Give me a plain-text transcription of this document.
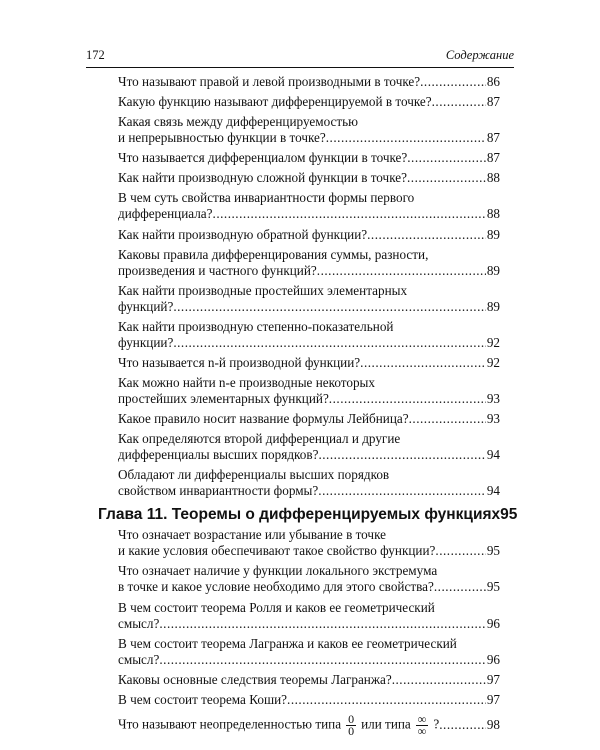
172	Содержание
Что называют правой и левой производными в точке? .....	86
Какую функцию называют дифференцируемой в точке? .....	87
Какая связь между дифференцируемостью
и непрерывностью функции в точке? .....	87
Что называется дифференциалом функции в точке? .....	87
Как найти производную сложной функции в точке? .....	88
В чем суть свойства инвариантности формы первого
дифференциала? .....	88
Как найти производную обратной функции? .....	89
Каковы правила дифференцирования суммы, разности,
произведения и частного функций? .....	89
Как найти производные простейших элементарных
функций? .....	89
Как найти производную степенно-показательной
функции? .....	92
Что называется n-й производной функции? .....	92
Как можно найти n-е производные некоторых
простейших элементарных функций? .....	93
Какое правило носит название формулы Лейбница? .....	93
Как определяются второй дифференциал и другие
дифференциалы высших порядков? .....	94
Обладают ли дифференциалы высших порядков
свойством инвариантности формы? .....	94
Глава 11. Теоремы о дифференцируемых функциях 95
Что означает возрастание или убывание в точке
и какие условия обеспечивают такое свойство функции? .....	95
Что означает наличие у функции локального экстремума
в точке и какое условие необходимо для этого свойства? .....	95
В чем состоит теорема Ролля и каков ее геометрический
смысл? .....	96
В чем состоит теорема Лагранжа и каков ее геометрический
смысл? .....	96
Каковы основные следствия теоремы Лагранжа? .....	97
В чем состоит теорема Коши? .....	97
Что называют неопределенностью типа $\frac{0}{0}$ или типа $\frac{\infty}{\infty}$ ? .....	98
